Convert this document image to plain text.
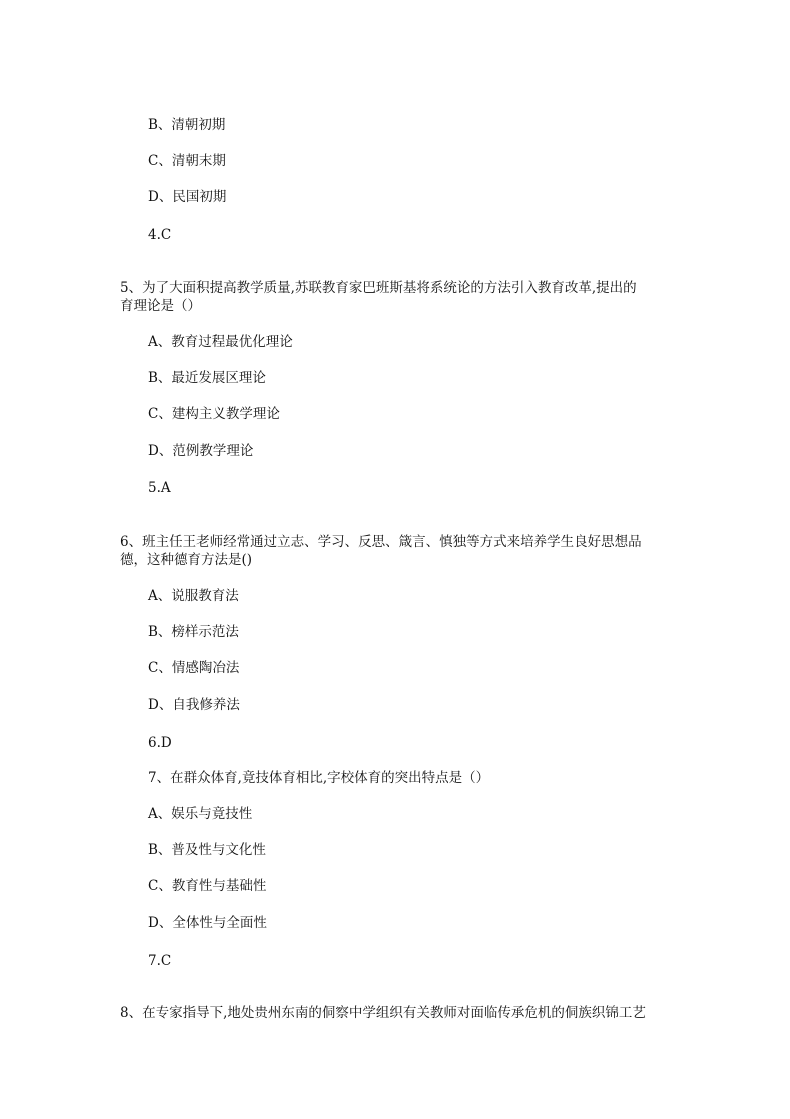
B、清朝初期
C、清朝末期
D、民国初期
4.C
5、为了大面积提高教学质量,苏联教育家巴班斯基将系统论的方法引入教育改革,提出的
育理论是（）
A、教育过程最优化理论
B、最近发展区理论
C、建构主义教学理论
D、范例教学理论
5.A
6、班主任王老师经常通过立志、学习、反思、箴言、慎独等方式来培养学生良好思想品
德，这种德育方法是()
A、说服教育法
B、榜样示范法
C、情感陶冶法
D、自我修养法
6.D
7、在群众体育,竟技体育相比,字校体育的突出特点是（）
A、娱乐与竟技性
B、普及性与文化性
C、教育性与基础性
D、全体性与全面性
7.C
8、在专家指导下,地处贵州东南的侗察中学组织有关教师对面临传承危机的侗族织锦工艺
